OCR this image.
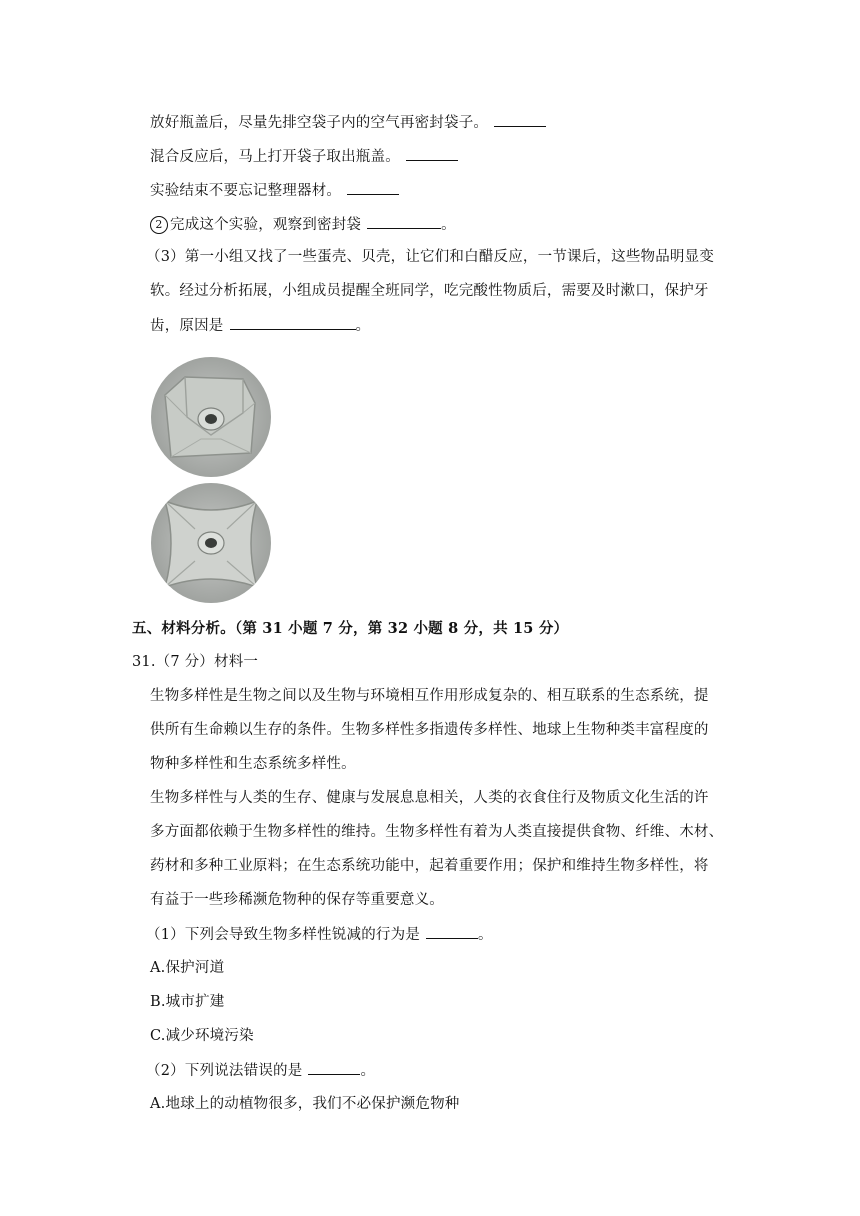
放好瓶盖后，尽量先排空袋子内的空气再密封袋子。
混合反应后，马上打开袋子取出瓶盖。
实验结束不要忘记整理器材。
2 完成这个实验，观察到密封袋	。
（3）第一小组又找了一些蛋壳、贝壳，让它们和白醋反应，一节课后，这些物品明显变
软。经过分析拓展，小组成员提醒全班同学，吃完酸性物质后，需要及时漱口，保护牙
齿，原因是	。
五、材料分析。（第 31 小题 7 分，第 32 小题 8 分，共 15 分）
31.（7 分）材料一
生物多样性是生物之间以及生物与环境相互作用形成复杂的、相互联系的生态系统，提
供所有生命赖以生存的条件。生物多样性多指遗传多样性、地球上生物种类丰富程度的
物种多样性和生态系统多样性。
生物多样性与人类的生存、健康与发展息息相关，人类的衣食住行及物质文化生活的许
多方面都依赖于生物多样性的维持。生物多样性有着为人类直接提供食物、纤维、木材、
药材和多种工业原料；在生态系统功能中，起着重要作用；保护和维持生物多样性，将
有益于一些珍稀濒危物种的保存等重要意义。
（1）下列会导致生物多样性锐减的行为是	。
A.保护河道
B.城市扩建
C.减少环境污染
（2）下列说法错误的是	。
A.地球上的动植物很多，我们不必保护濒危物种
